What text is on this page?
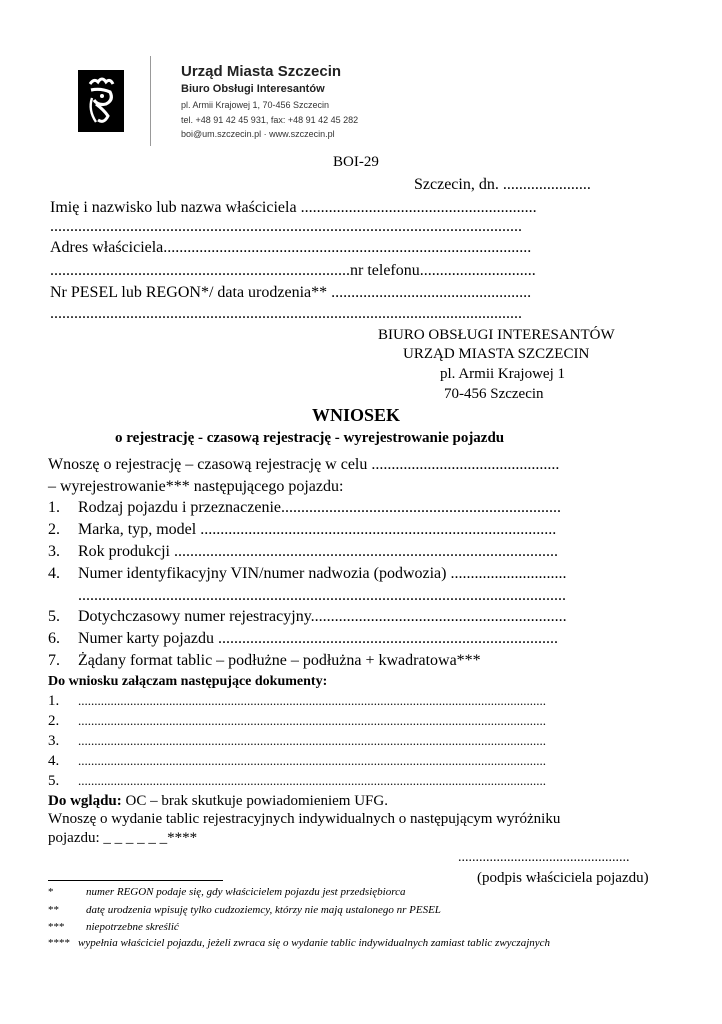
Urząd Miasta Szczecin
Biuro Obsługi Interesantów
pl. Armii Krajowej 1, 70-456 Szczecin
tel. +48 91 42 45 931, fax: +48 91 42 45 282
boi@um.szczecin.pl · www.szczecin.pl
BOI-29
Szczecin, dn. ......................
Imię i nazwisko lub nazwa właściciela ...........................................................
......................................................................................................................
Adres właściciela............................................................................................
...........................................................................nr telefonu.............................
Nr PESEL lub REGON*/ data urodzenia** ..................................................
......................................................................................................................
BIURO OBSŁUGI INTERESANTÓW
URZĄD MIASTA SZCZECIN
pl. Armii Krajowej 1
70-456 Szczecin
WNIOSEK
o rejestrację - czasową rejestrację - wyrejestrowanie pojazdu
Wnoszę o rejestrację – czasową rejestrację w celu ...............................................
– wyrejestrowanie*** następującego pojazdu:
1. Rodzaj pojazdu i przeznaczenie......................................................................
2. Marka, typ, model .........................................................................................
3. Rok produkcji ................................................................................................
4. Numer identyfikacyjny VIN/numer nadwozia (podwozia) .............................
..........................................................................................................................
5. Dotychczasowy numer rejestracyjny................................................................
6. Numer karty pojazdu .....................................................................................
7. Żądany format tablic – podłużne – podłużna + kwadratowa***
Do wniosku załączam następujące dokumenty:
1. ................................................................................................................................................
2. ................................................................................................................................................
3. ................................................................................................................................................
4. ................................................................................................................................................
5. ................................................................................................................................................
Do wglądu: OC – brak skutkuje powiadomieniem UFG.
Wnoszę o wydanie tablic rejestracyjnych indywidualnych o następującym wyróżniku
pojazdu: _ _ _ _ _ _****
.................................................
(podpis właściciela pojazdu)
*	numer REGON podaje się, gdy właścicielem pojazdu jest przedsiębiorca
** datę urodzenia wpisuję tylko cudzoziemcy, którzy nie mają ustalonego nr PESEL
*** niepotrzebne skreślić
**** wypełnia właściciel pojazdu, jeżeli zwraca się o wydanie tablic indywidualnych zamiast tablic zwyczajnych
